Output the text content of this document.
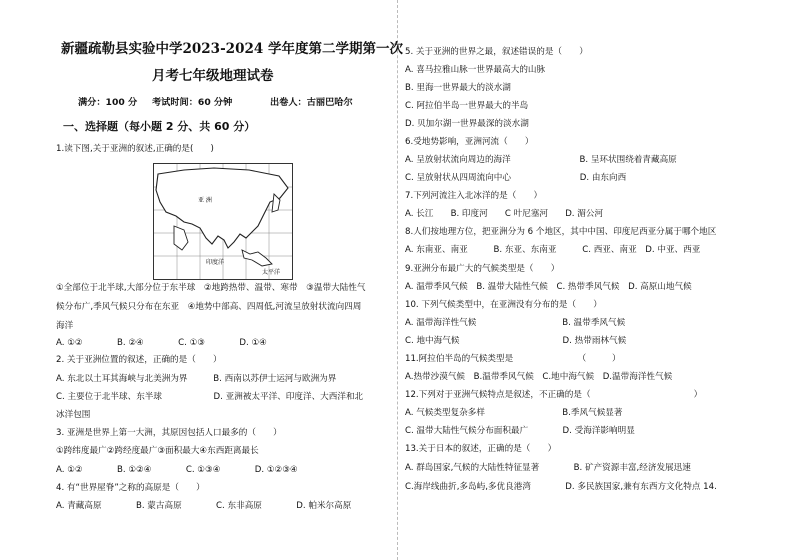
新疆疏勒县实验中学2023-2024 学年度第二学期第一次
月考七年级地理试卷
满分：100 分 考试时间：60 分钟	出卷人：古丽巴哈尔
一、选择题（每小题 2 分、共 60 分）
1.读下图,关于亚洲的叙述,正确的是(　　)
亚 洲
印度洋
太平洋
①全部位于北半球,大部分位于东半球　②地跨热带、温带、寒带　③温带大陆性气
候分布广,季风气候只分布在东亚　④地势中部高、四周低,河流呈放射状流向四周
海洋
A. ①②　　　　B. ②④　　　　C. ①③　　　　D. ①④
2. 关于亚洲位置的叙述，正确的是（　　）
A. 东北以土耳其海峡与北美洲为界　　　B. 西南以苏伊士运河与欧洲为界
C. 主要位于北半球、东半球　　　　　　D. 亚洲被太平洋、印度洋、大西洋和北
冰洋包围
3. 亚洲是世界上第一大洲，其原因包括人口最多的（　　）
①跨纬度最广②跨经度最广③面积最大④东西距离最长
A. ①②　　　　B. ①②④　　　　C. ①③④　　　　D. ①②③④
4. 有“世界屋脊”之称的高原是（　　）
A. 青藏高原　　　　B. 蒙古高原　　　　C. 东非高原　　　　D. 帕米尔高原
5. 关于亚洲的世界之最，叙述错误的是（　　）
A. 喜马拉雅山脉一世界最高大的山脉
B. 里海一世界最大的淡水湖
C. 阿拉伯半岛一世界最大的半岛
D. 贝加尔湖一世界最深的淡水湖
6.受地势影响，亚洲河流（　　）
A. 呈放射状流向周边的海洋　　　　　　　　B. 呈环状围绕着青藏高原
C. 呈放射状从四周流向中心　　　　　　　　D. 由东向西
7.下列河流注入北冰洋的是（　　）
A. 长江　　B. 印度河　　C 叶尼塞河　　D. 湄公河
8.人们按地理方位，把亚洲分为 6 个地区，其中中国、印度尼西亚分属于哪个地区
A. 东南亚、南亚　　　B. 东亚、东南亚　　　C. 西亚、南亚　D. 中亚、西亚
9.亚洲分布最广大的气候类型是（　　）
A. 温带季风气候　B. 温带大陆性气候　C. 热带季风气候　D. 高原山地气候
10. 下列气候类型中，在亚洲没有分布的是（　　）
A. 温带海洋性气候　　　　　　　　　　B. 温带季风气候
C. 地中海气候　　　　　　　　　　　　D. 热带雨林气候
11.阿拉伯半岛的气候类型是　　　　　　　　（　　　）
A.热带沙漠气候　B.温带季风气候　C.地中海气候　D.温带海洋性气候
12.下列对于亚洲气候特点是叙述，不正确的是（　　　　　　　　　　　　）
A. 气候类型复杂多样　　　　　　　　　B.季风气候显著
C. 温带大陆性气候分布面积最广　　　　D. 受海洋影响明显
13.关于日本的叙述，正确的是（　　）
A. 群岛国家,气候的大陆性特征显著　　　　B. 矿产资源丰富,经济发展迅速
C.海岸线曲折,多岛屿,多优良港湾　　　　D. 多民族国家,兼有东西方文化特点 14.
